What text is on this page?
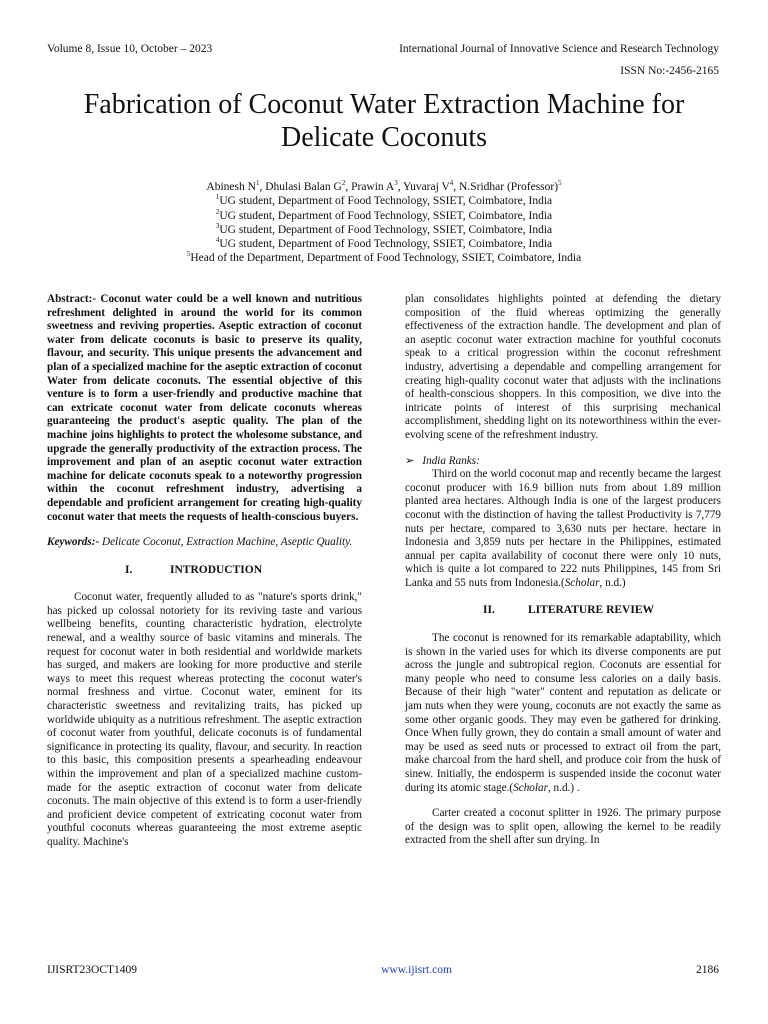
Volume 8, Issue 10, October – 2023	International Journal of Innovative Science and Research Technology
ISSN No:-2456-2165
Fabrication of Coconut Water Extraction Machine for
Delicate Coconuts
Abinesh $N^1$, Dhulasi Balan $G^2$, Prawin $A^3$, Yuvaraj $V^4$, N.Sridhar (Professor)$^5$
$^1$UG student, Department of Food Technology, SSIET, Coimbatore, India
$^2$UG student, Department of Food Technology, SSIET, Coimbatore, India
$^3$UG student, Department of Food Technology, SSIET, Coimbatore, India
$^4$UG student, Department of Food Technology, SSIET, Coimbatore, India
$^5$Head of the Department, Department of Food Technology, SSIET, Coimbatore, India

Abstract:- Coconut water could be a well known and nutritious refreshment delighted in around the world for its common sweetness and reviving properties. Aseptic extraction of coconut water from delicate coconuts is basic to preserve its quality, flavour, and security. This unique presents the advancement and plan of a specialized machine for the aseptic extraction of coconut Water from delicate coconuts. The essential objective of this venture is to form a user-friendly and productive machine that can extricate coconut water from delicate coconuts whereas guaranteeing the product's aseptic quality. The plan of the machine joins highlights to protect the wholesome substance, and upgrade the generally productivity of the extraction process. The improvement and plan of an aseptic coconut water extraction machine for delicate coconuts speak to a noteworthy progression within the coconut refreshment industry, advertising a dependable and proficient arrangement for creating high-quality coconut water that meets the requests of health-conscious buyers.

Keywords:- Delicate Coconut, Extraction Machine, Aseptic Quality.

I.	INTRODUCTION

Coconut water, frequently alluded to as "nature's sports drink," has picked up colossal notoriety for its reviving taste and various wellbeing benefits, counting characteristic hydration, electrolyte renewal, and a wealthy source of basic vitamins and minerals. The request for coconut water in both residential and worldwide markets has surged, and makers are looking for more productive and sterile ways to meet this request whereas protecting the coconut water's normal freshness and virtue. Coconut water, eminent for its characteristic sweetness and revitalizing traits, has picked up worldwide ubiquity as a nutritious refreshment. The aseptic extraction of coconut water from youthful, delicate coconuts is of fundamental significance in protecting its quality, flavour, and security. In reaction to this basic, this composition presents a spearheading endeavour within the improvement and plan of a specialized machine custom-made for the aseptic extraction of coconut water from delicate coconuts. The main objective of this extend is to form a user-friendly and proficient device competent of extricating coconut water from youthful coconuts whereas guaranteeing the most extreme aseptic quality. Machine's

plan consolidates highlights pointed at defending the dietary composition of the fluid whereas optimizing the generally effectiveness of the extraction handle. The development and plan of an aseptic coconut water extraction machine for youthful coconuts speak to a critical progression within the coconut refreshment industry, advertising a dependable and compelling arrangement for creating high-quality coconut water that adjusts with the inclinations of health-conscious shoppers. In this composition, we dive into the intricate points of interest of this surprising mechanical accomplishment, shedding light on its noteworthiness within the ever-evolving scene of the refreshment industry.

➢ India Ranks:

Third on the world coconut map and recently became the largest coconut producer with 16.9 billion nuts from about 1.89 million planted area hectares. Although India is one of the largest producers coconut with the distinction of having the tallest Productivity is 7,779 nuts per hectare, compared to 3,630 nuts per hectare. hectare in Indonesia and 3,859 nuts per hectare in the Philippines, estimated annual per capita availability of coconut there were only 10 nuts, which is quite a lot compared to 222 nuts Philippines, 145 from Sri Lanka and 55 nuts from Indonesia.(Scholar, n.d.)

II.	LITERATURE REVIEW

The coconut is renowned for its remarkable adaptability, which is shown in the varied uses for which its diverse components are put across the jungle and subtropical region. Coconuts are essential for many people who need to consume less calories on a daily basis. Because of their high "water" content and reputation as delicate or jam nuts when they were young, coconuts are not exactly the same as some other organic goods. They may even be gathered for drinking. Once When fully grown, they do contain a small amount of water and may be used as seed nuts or processed to extract oil from the part, make charcoal from the hard shell, and produce coir from the husk of sinew. Initially, the endosperm is suspended inside the coconut water during its atomic stage.(Scholar, n.d.) .

Carter created a coconut splitter in 1926. The primary purpose of the design was to split open, allowing the kernel to be readily extracted from the shell after sun drying. In

IJISRT23OCT1409	www.ijisrt.com	2186
